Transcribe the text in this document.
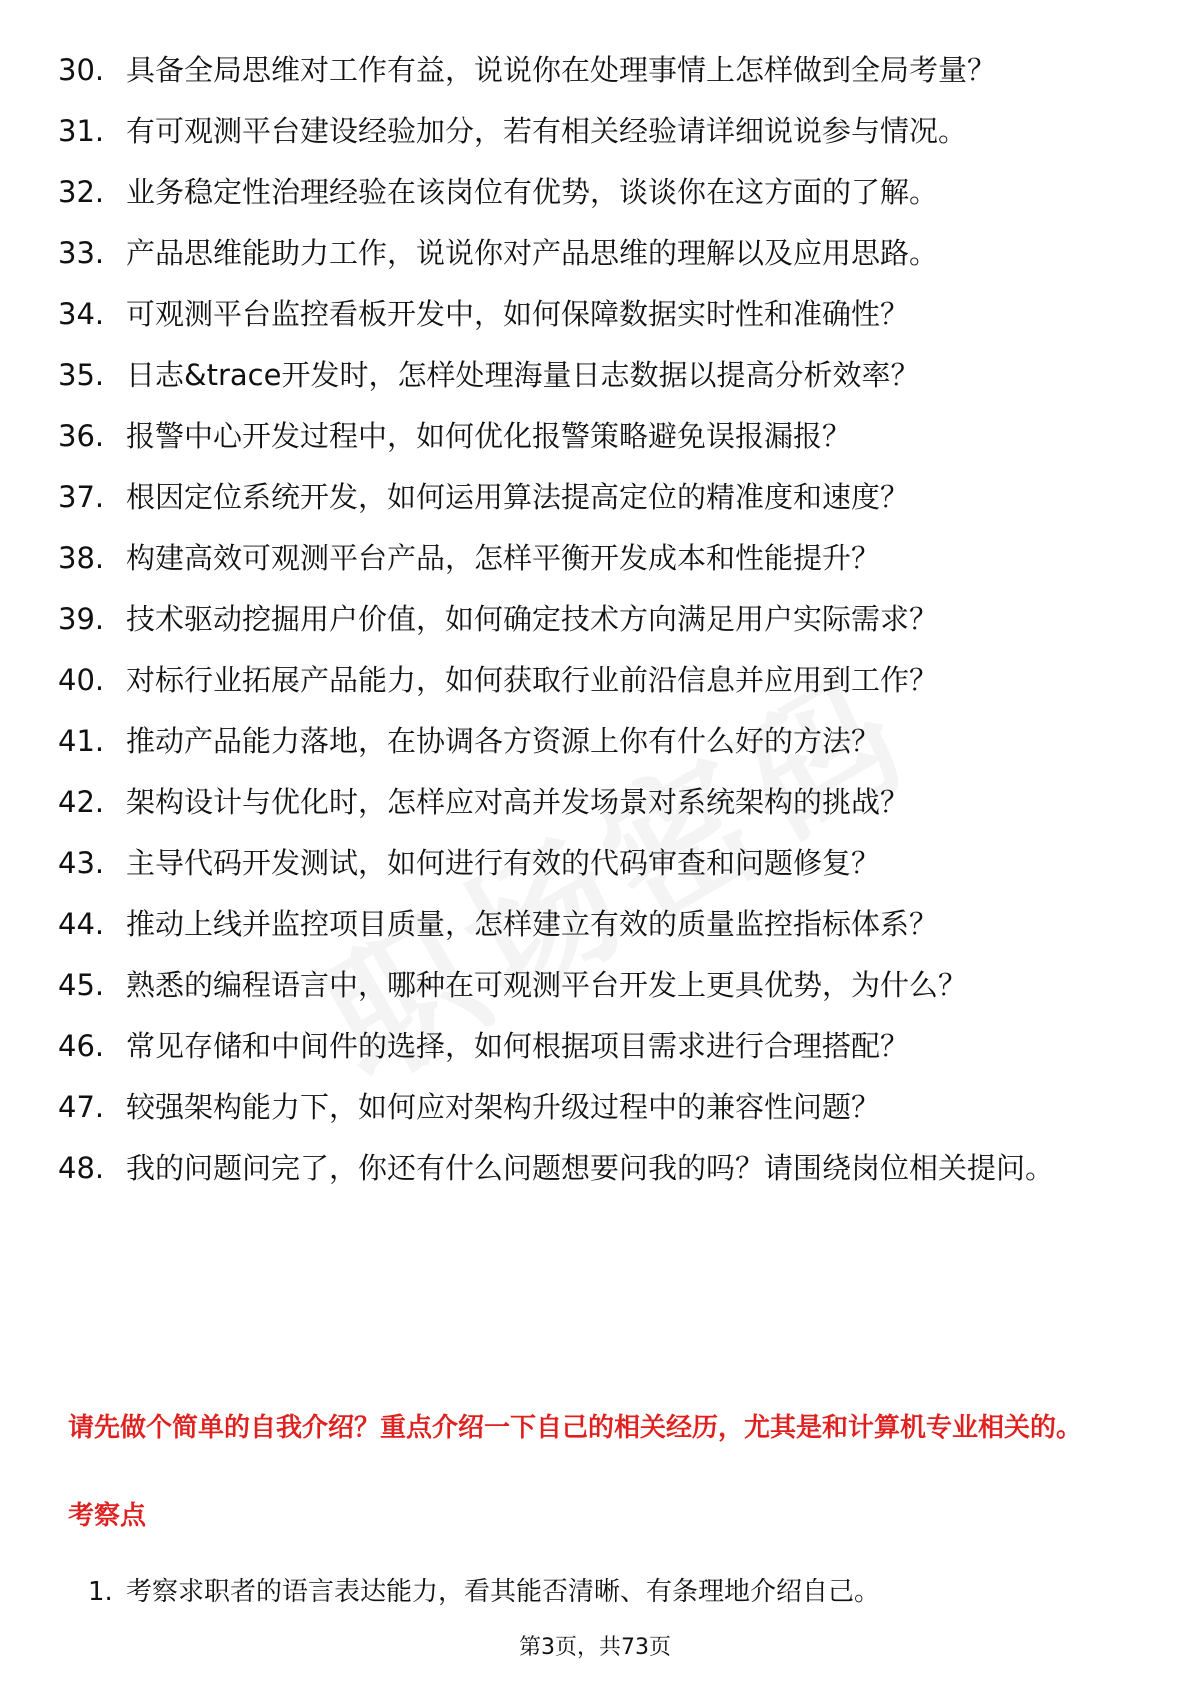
30. 具备全局思维对工作有益，说说你在处理事情上怎样做到全局考量？
31. 有可观测平台建设经验加分，若有相关经验请详细说说参与情况。
32. 业务稳定性治理经验在该岗位有优势，谈谈你在这方面的了解。
33. 产品思维能助力工作，说说你对产品思维的理解以及应用思路。
34. 可观测平台监控看板开发中，如何保障数据实时性和准确性？
35. 日志&trace开发时，怎样处理海量日志数据以提高分析效率？
36. 报警中心开发过程中，如何优化报警策略避免误报漏报？
37. 根因定位系统开发，如何运用算法提高定位的精准度和速度？
38. 构建高效可观测平台产品，怎样平衡开发成本和性能提升？
39. 技术驱动挖掘用户价值，如何确定技术方向满足用户实际需求？
40. 对标行业拓展产品能力，如何获取行业前沿信息并应用到工作？
41. 推动产品能力落地，在协调各方资源上你有什么好的方法？
42. 架构设计与优化时，怎样应对高并发场景对系统架构的挑战？
43. 主导代码开发测试，如何进行有效的代码审查和问题修复？
44. 推动上线并监控项目质量，怎样建立有效的质量监控指标体系？
45. 熟悉的编程语言中，哪种在可观测平台开发上更具优势，为什么？
46. 常见存储和中间件的选择，如何根据项目需求进行合理搭配？
47. 较强架构能力下，如何应对架构升级过程中的兼容性问题？
48. 我的问题问完了，你还有什么问题想要问我的吗？请围绕岗位相关提问。

请先做个简单的自我介绍？重点介绍一下自己的相关经历，尤其是和计算机专业相关的。

考察点

1. 考察求职者的语言表达能力，看其能否清晰、有条理地介绍自己。
第3页，共73页
